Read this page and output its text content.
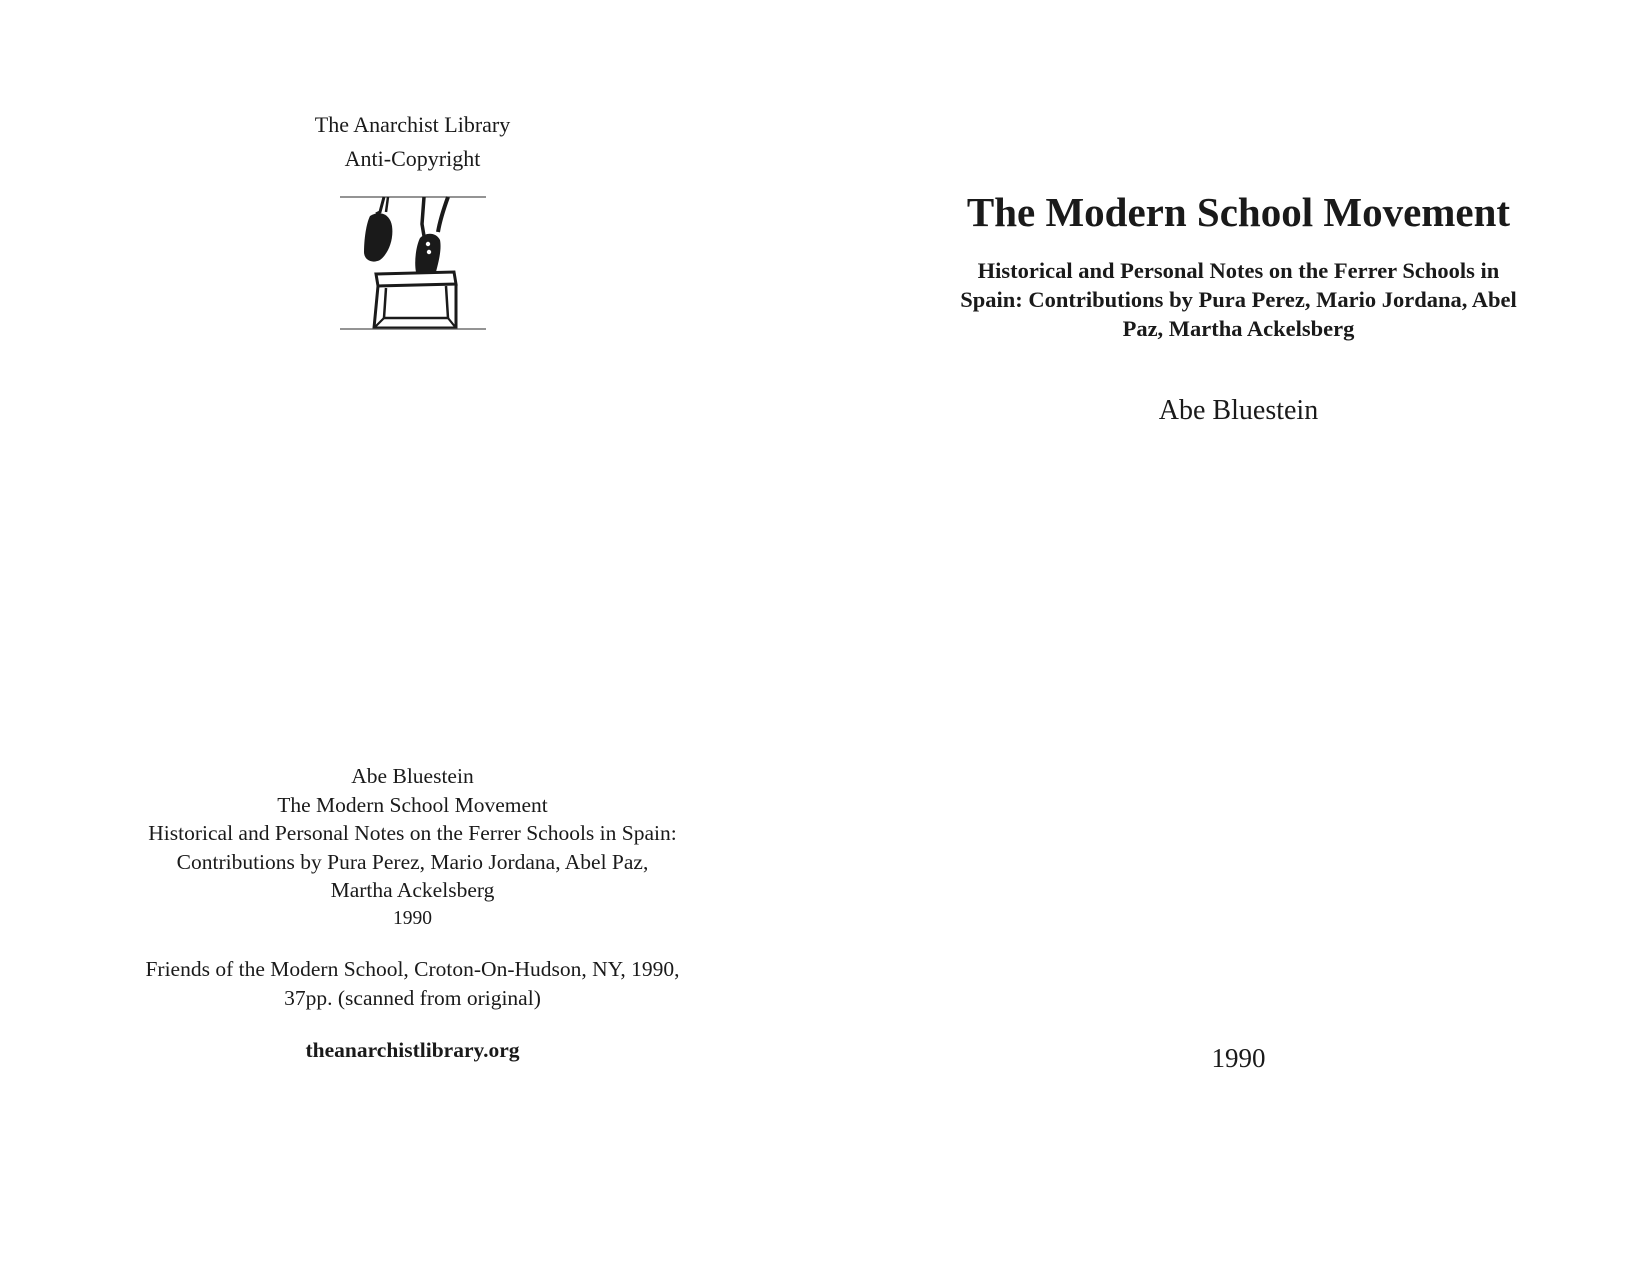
The Anarchist Library
Anti-Copyright
Abe Bluestein
The Modern School Movement
Historical and Personal Notes on the Ferrer Schools in Spain:
Contributions by Pura Perez, Mario Jordana, Abel Paz,
Martha Ackelsberg
1990
Friends of the Modern School, Croton-On-Hudson, NY, 1990,
37pp. (scanned from original)
theanarchistlibrary.org
The Modern School Movement
Historical and Personal Notes on the Ferrer Schools in Spain: Contributions by Pura Perez, Mario Jordana, Abel Paz, Martha Ackelsberg
Abe Bluestein
1990
